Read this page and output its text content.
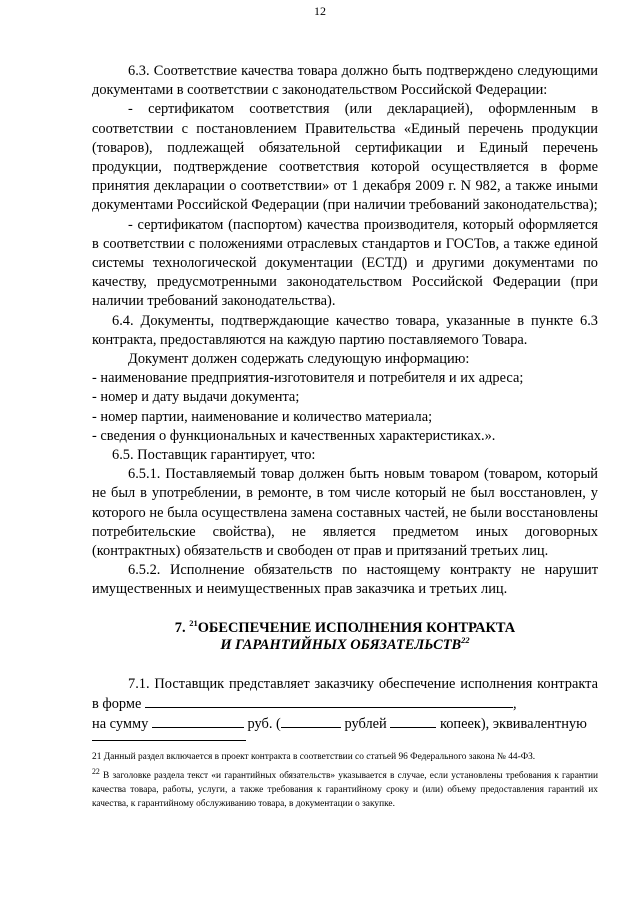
12

6.3. Соответствие качества товара должно быть подтверждено следующими документами в соответствии с законодательством Российской Федерации:

- сертификатом соответствия (или декларацией), оформленным в соответствии с постановлением Правительства «Единый перечень продукции (товаров), подлежащей обязательной сертификации и Единый перечень продукции, подтверждение соответствия которой осуществляется в форме принятия декларации о соответствии» от 1 декабря 2009 г. N 982, а также иными документами Российской Федерации (при наличии требований законодательства);

- сертификатом (паспортом) качества производителя, который оформляется в соответствии с положениями отраслевых стандартов и ГОСТов, а также единой системы технологической документации (ЕСТД) и другими документами по качеству, предусмотренными законодательством Российской Федерации (при наличии требований законодательства).

6.4. Документы, подтверждающие качество товара, указанные в пункте 6.3 контракта, предоставляются на каждую партию поставляемого Товара.

Документ должен содержать следующую информацию:

- наименование предприятия-изготовителя и потребителя и их адреса;

- номер и дату выдачи документа;

- номер партии, наименование и количество материала;

- сведения о функциональных и качественных характеристиках.».

6.5. Поставщик гарантирует, что:

6.5.1. Поставляемый товар должен быть новым товаром (товаром, который не был в употреблении, в ремонте, в том числе который не был восстановлен, у которого не была осуществлена замена составных частей, не были восстановлены потребительские свойства), не является предметом иных договорных (контрактных) обязательств и свободен от прав и притязаний третьих лиц.

6.5.2. Исполнение обязательств по настоящему контракту не нарушит имущественных и неимущественных прав заказчика и третьих лиц.

7. $^{21}$ОБЕСПЕЧЕНИЕ ИСПОЛНЕНИЯ КОНТРАКТА
И ГАРАНТИЙНЫХ ОБЯЗАТЕЛЬСТВ$^{22}$

7.1. Поставщик представляет заказчику обеспечение исполнения контракта в форме	,

на сумму	руб. (	рублей	копеек), эквивалентную

21 Данный раздел включается в проект контракта в соответствии со статьей 96 Федерального закона № 44-ФЗ.

$^{22}$ В заголовке раздела текст «и гарантийных обязательств» указывается в случае, если установлены требования к гарантии качества товара, работы, услуги, а также требования к гарантийному сроку и (или) объему предоставления гарантий их качества, к гарантийному обслуживанию товара, в документации о закупке.
